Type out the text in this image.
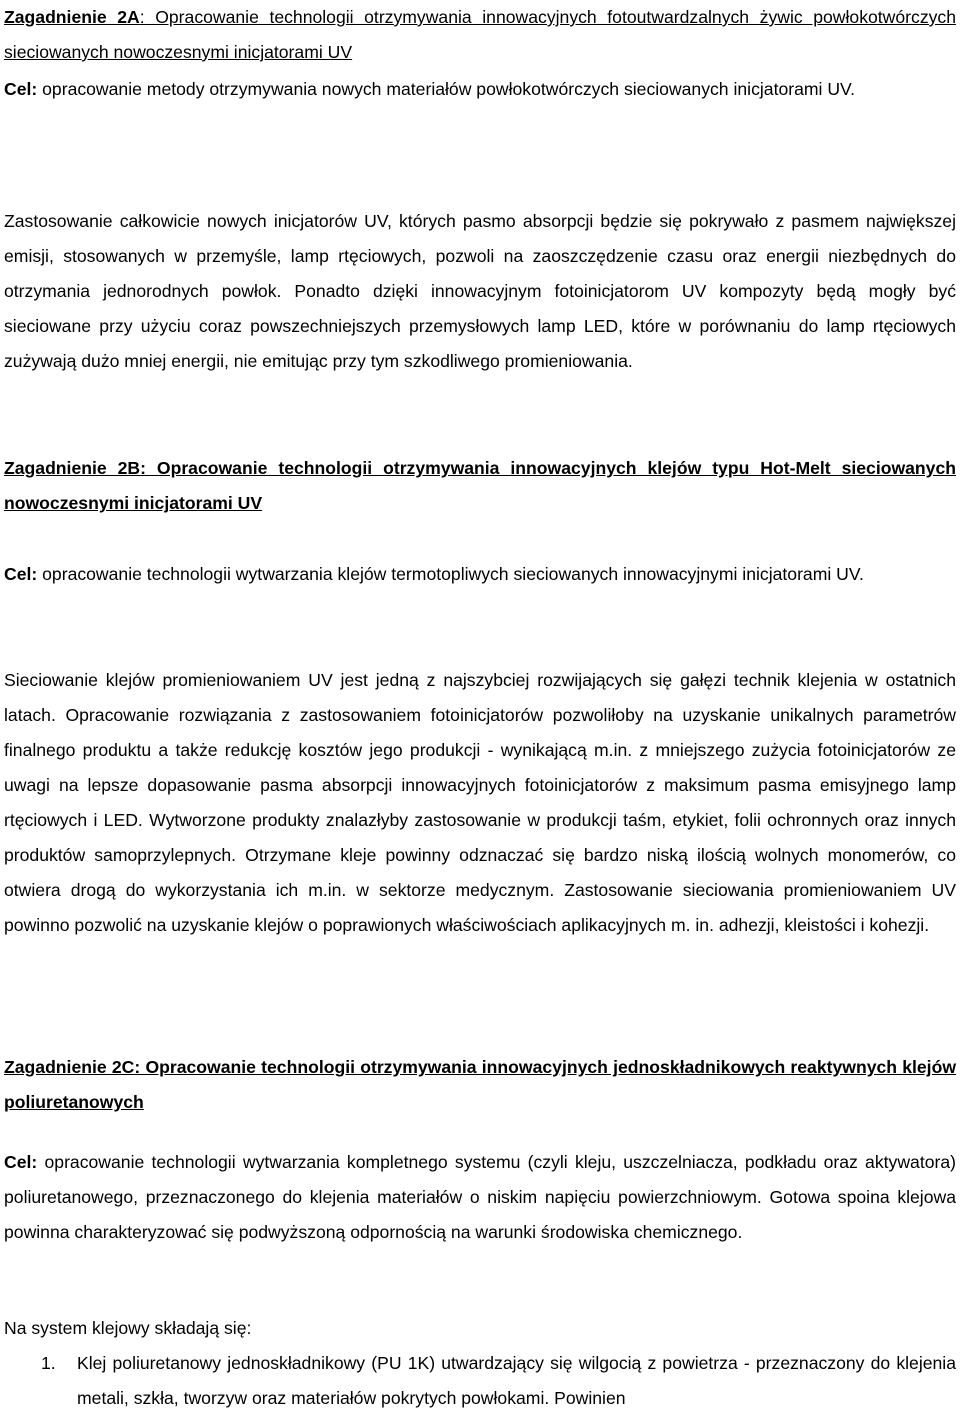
Zagadnienie 2A: Opracowanie technologii otrzymywania innowacyjnych fotoutwardzalnych żywic powłokotwórczych sieciowanych nowoczesnymi inicjatorami UV

Cel: opracowanie metody otrzymywania nowych materiałów powłokotwórczych sieciowanych inicjatorami UV.

Zastosowanie całkowicie nowych inicjatorów UV, których pasmo absorpcji będzie się pokrywało z pasmem największej emisji, stosowanych w przemyśle, lamp rtęciowych, pozwoli na zaoszczędzenie czasu oraz energii niezbędnych do otrzymania jednorodnych powłok. Ponadto dzięki innowacyjnym fotoinicjatorom UV kompozyty będą mogły być sieciowane przy użyciu coraz powszechniejszych przemysłowych lamp LED, które w porównaniu do lamp rtęciowych zużywają dużo mniej energii, nie emitując przy tym szkodliwego promieniowania.

Zagadnienie 2B: Opracowanie technologii otrzymywania innowacyjnych klejów typu Hot-Melt sieciowanych nowoczesnymi inicjatorami UV

Cel: opracowanie technologii wytwarzania klejów termotopliwych sieciowanych innowacyjnymi inicjatorami UV.

Sieciowanie klejów promieniowaniem UV jest jedną z najszybciej rozwijających się gałęzi technik klejenia w ostatnich latach. Opracowanie rozwiązania z zastosowaniem fotoinicjatorów pozwoliłoby na uzyskanie unikalnych parametrów finalnego produktu a także redukcję kosztów jego produkcji - wynikającą m.in. z mniejszego zużycia fotoinicjatorów ze uwagi na lepsze dopasowanie pasma absorpcji innowacyjnych fotoinicjatorów z maksimum pasma emisyjnego lamp rtęciowych i LED. Wytworzone produkty znalazłyby zastosowanie w produkcji taśm, etykiet, folii ochronnych oraz innych produktów samoprzylepnych. Otrzymane kleje powinny odznaczać się bardzo niską ilością wolnych monomerów, co otwiera drogą do wykorzystania ich m.in. w sektorze medycznym. Zastosowanie sieciowania promieniowaniem UV powinno pozwolić na uzyskanie klejów o poprawionych właściwościach aplikacyjnych m. in. adhezji, kleistości i kohezji.

Zagadnienie 2C: Opracowanie technologii otrzymywania innowacyjnych jednoskładnikowych reaktywnych klejów poliuretanowych

Cel: opracowanie technologii wytwarzania kompletnego systemu (czyli kleju, uszczelniacza, podkładu oraz aktywatora) poliuretanowego, przeznaczonego do klejenia materiałów o niskim napięciu powierzchniowym. Gotowa spoina klejowa powinna charakteryzować się podwyższoną odpornością na warunki środowiska chemicznego.

Na system klejowy składają się:

1. Klej poliuretanowy jednoskładnikowy (PU 1K) utwardzający się wilgocią z powietrza - przeznaczony do klejenia metali, szkła, tworzyw oraz materiałów pokrytych powłokami. Powinien
